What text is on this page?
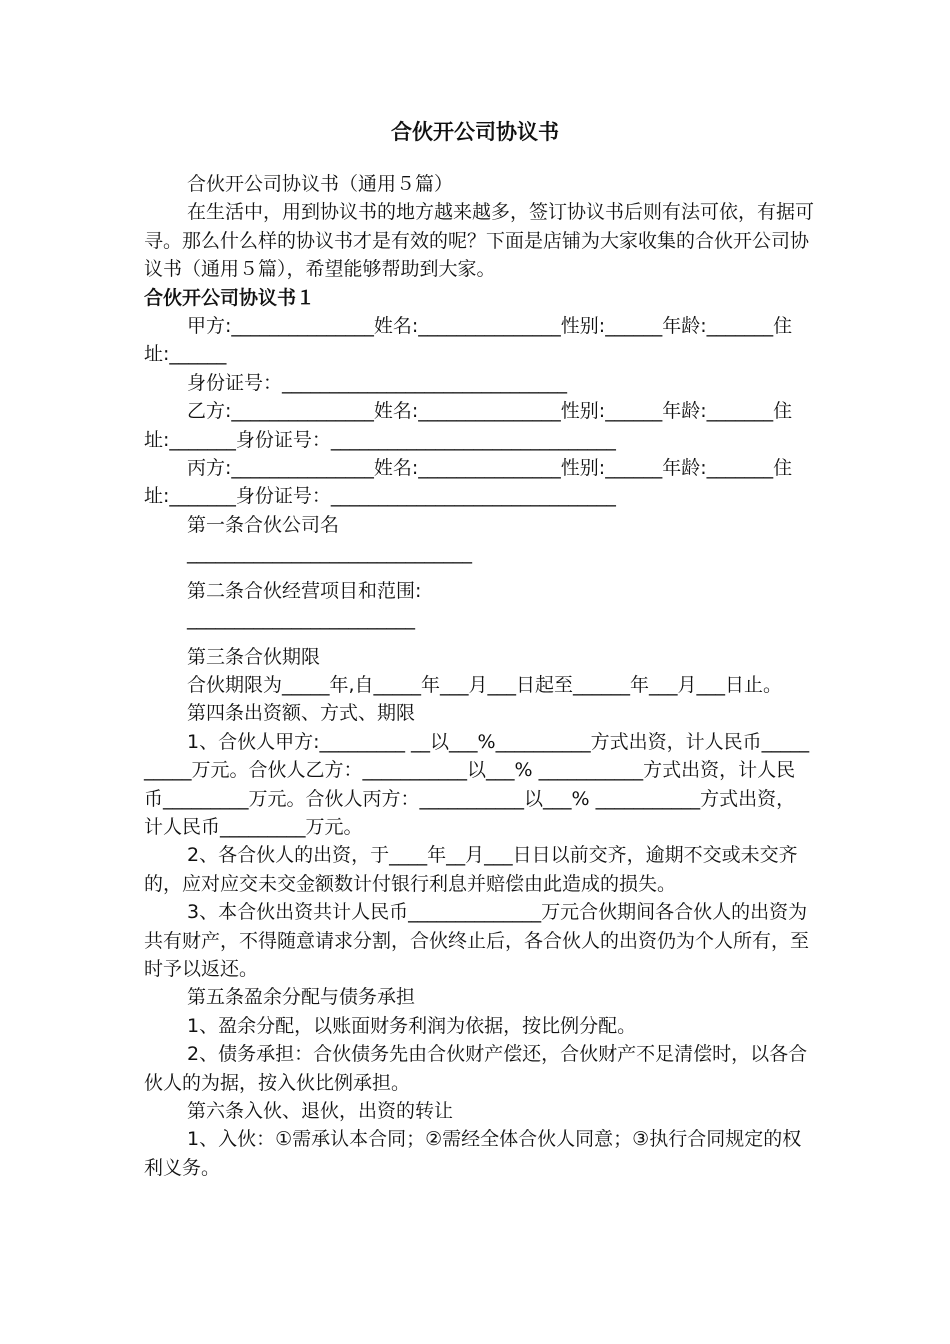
合伙开公司协议书

合伙开公司协议书（通用５篇）

在生活中，用到协议书的地方越来越多，签订协议书后则有法可依，有据可寻。那么什么样的协议书才是有效的呢？下面是店铺为大家收集的合伙开公司协议书（通用５篇），希望能够帮助到大家。

合伙开公司协议书１

甲方:_______________姓名:_______________性别:______年龄:_______住址:______

身份证号：______________________________

乙方:_______________姓名:_______________性别:______年龄:_______住址:_______身份证号：______________________________

丙方:_______________姓名:_______________性别:______年龄:_______住址:_______身份证号：______________________________

第一条合伙公司名

______________________________

第二条合伙经营项目和范围:

________________________

第三条合伙期限

合伙期限为_____年,自_____年___月___日起至______年___月___日止。

第四条出资额、方式、期限

1、合伙人甲方:_________ __以___%__________方式出资，计人民币__________万元。合伙人乙方：___________以___% ___________方式出资，计人民币_________万元。合伙人丙方：___________以___% ___________方式出资，计人民币_________万元。

2、各合伙人的出资，于____年__月___日日以前交齐，逾期不交或未交齐的，应对应交未交金额数计付银行利息并赔偿由此造成的损失。

3、本合伙出资共计人民币______________万元合伙期间各合伙人的出资为共有财产，不得随意请求分割，合伙终止后，各合伙人的出资仍为个人所有，至时予以返还。

第五条盈余分配与债务承担

1、盈余分配，以账面财务利润为依据，按比例分配。

2、债务承担：合伙债务先由合伙财产偿还，合伙财产不足清偿时，以各合伙人的为据，按入伙比例承担。

第六条入伙、退伙，出资的转让

1、入伙：①需承认本合同；②需经全体合伙人同意；③执行合同规定的权利义务。
